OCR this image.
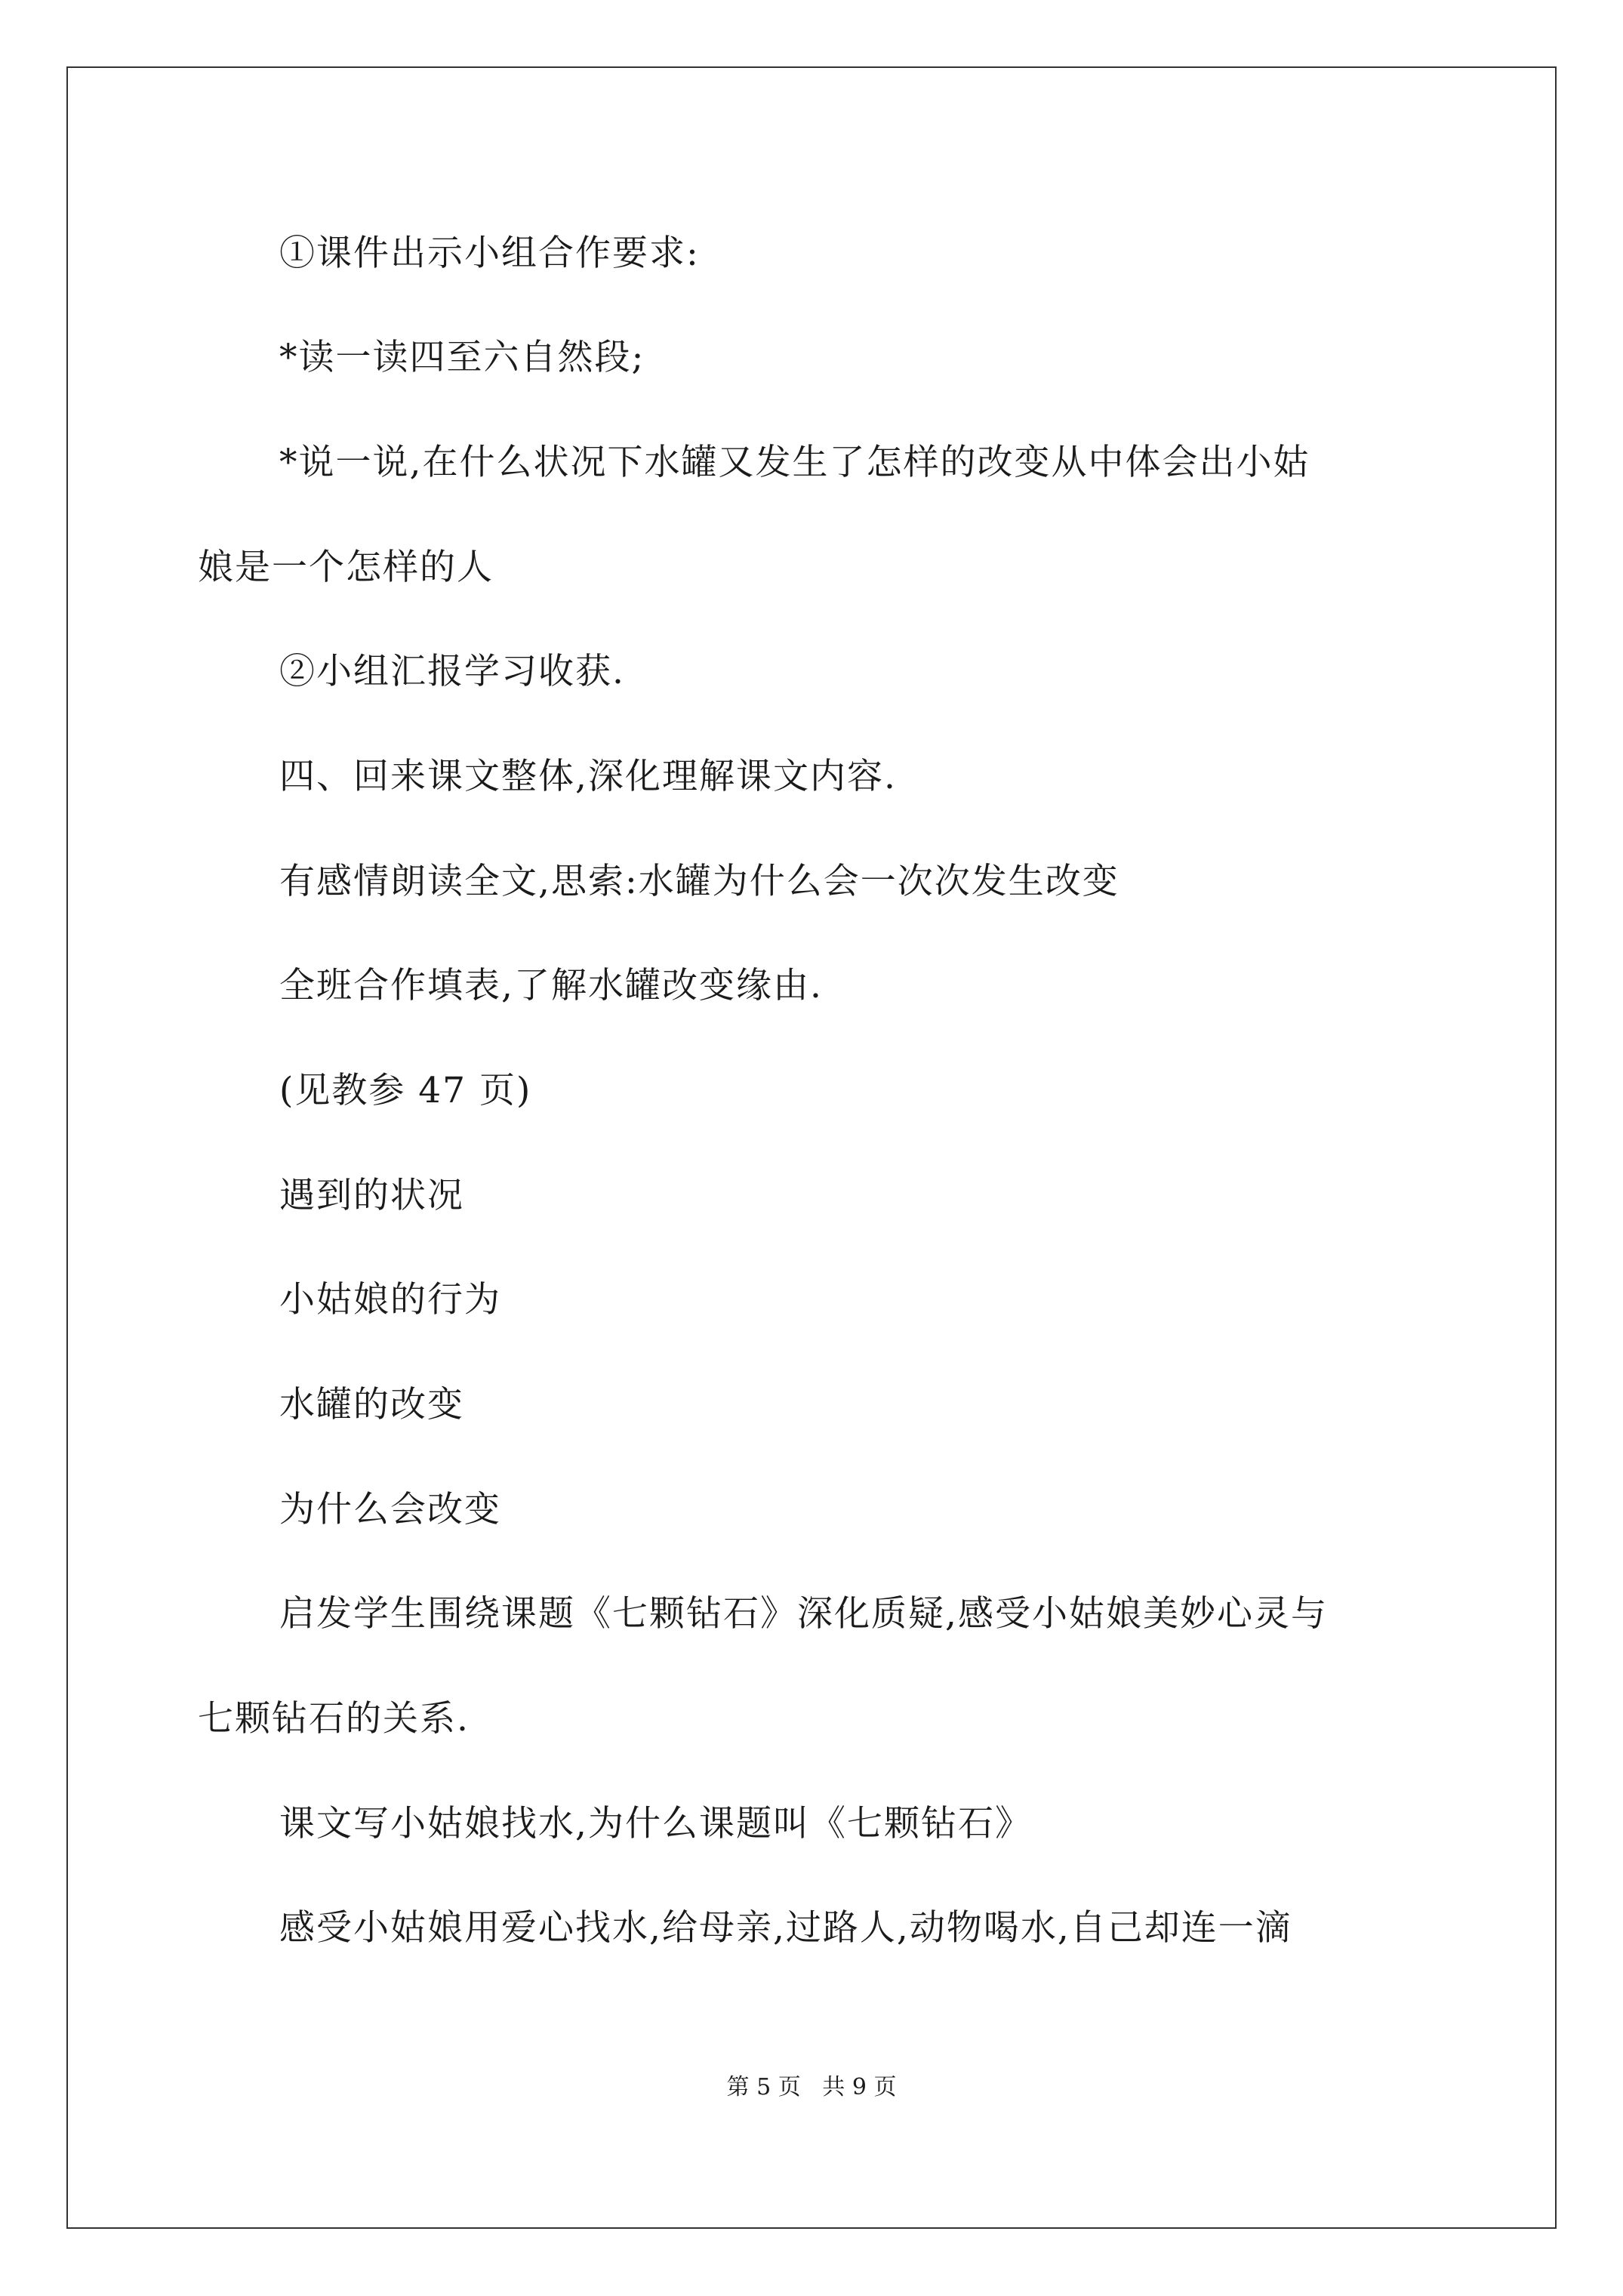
①课件出示小组合作要求:
*读一读四至六自然段;
*说一说,在什么状况下水罐又发生了怎样的改变从中体会出小姑
娘是一个怎样的人
②小组汇报学习收获.
四、回来课文整体,深化理解课文内容.
有感情朗读全文,思索:水罐为什么会一次次发生改变
全班合作填表,了解水罐改变缘由.
(见教参 47 页)
遇到的状况
小姑娘的行为
水罐的改变
为什么会改变
启发学生围绕课题《七颗钻石》深化质疑,感受小姑娘美妙心灵与
七颗钻石的关系.
课文写小姑娘找水,为什么课题叫《七颗钻石》
感受小姑娘用爱心找水,给母亲,过路人,动物喝水,自己却连一滴
第 5 页   共 9 页
